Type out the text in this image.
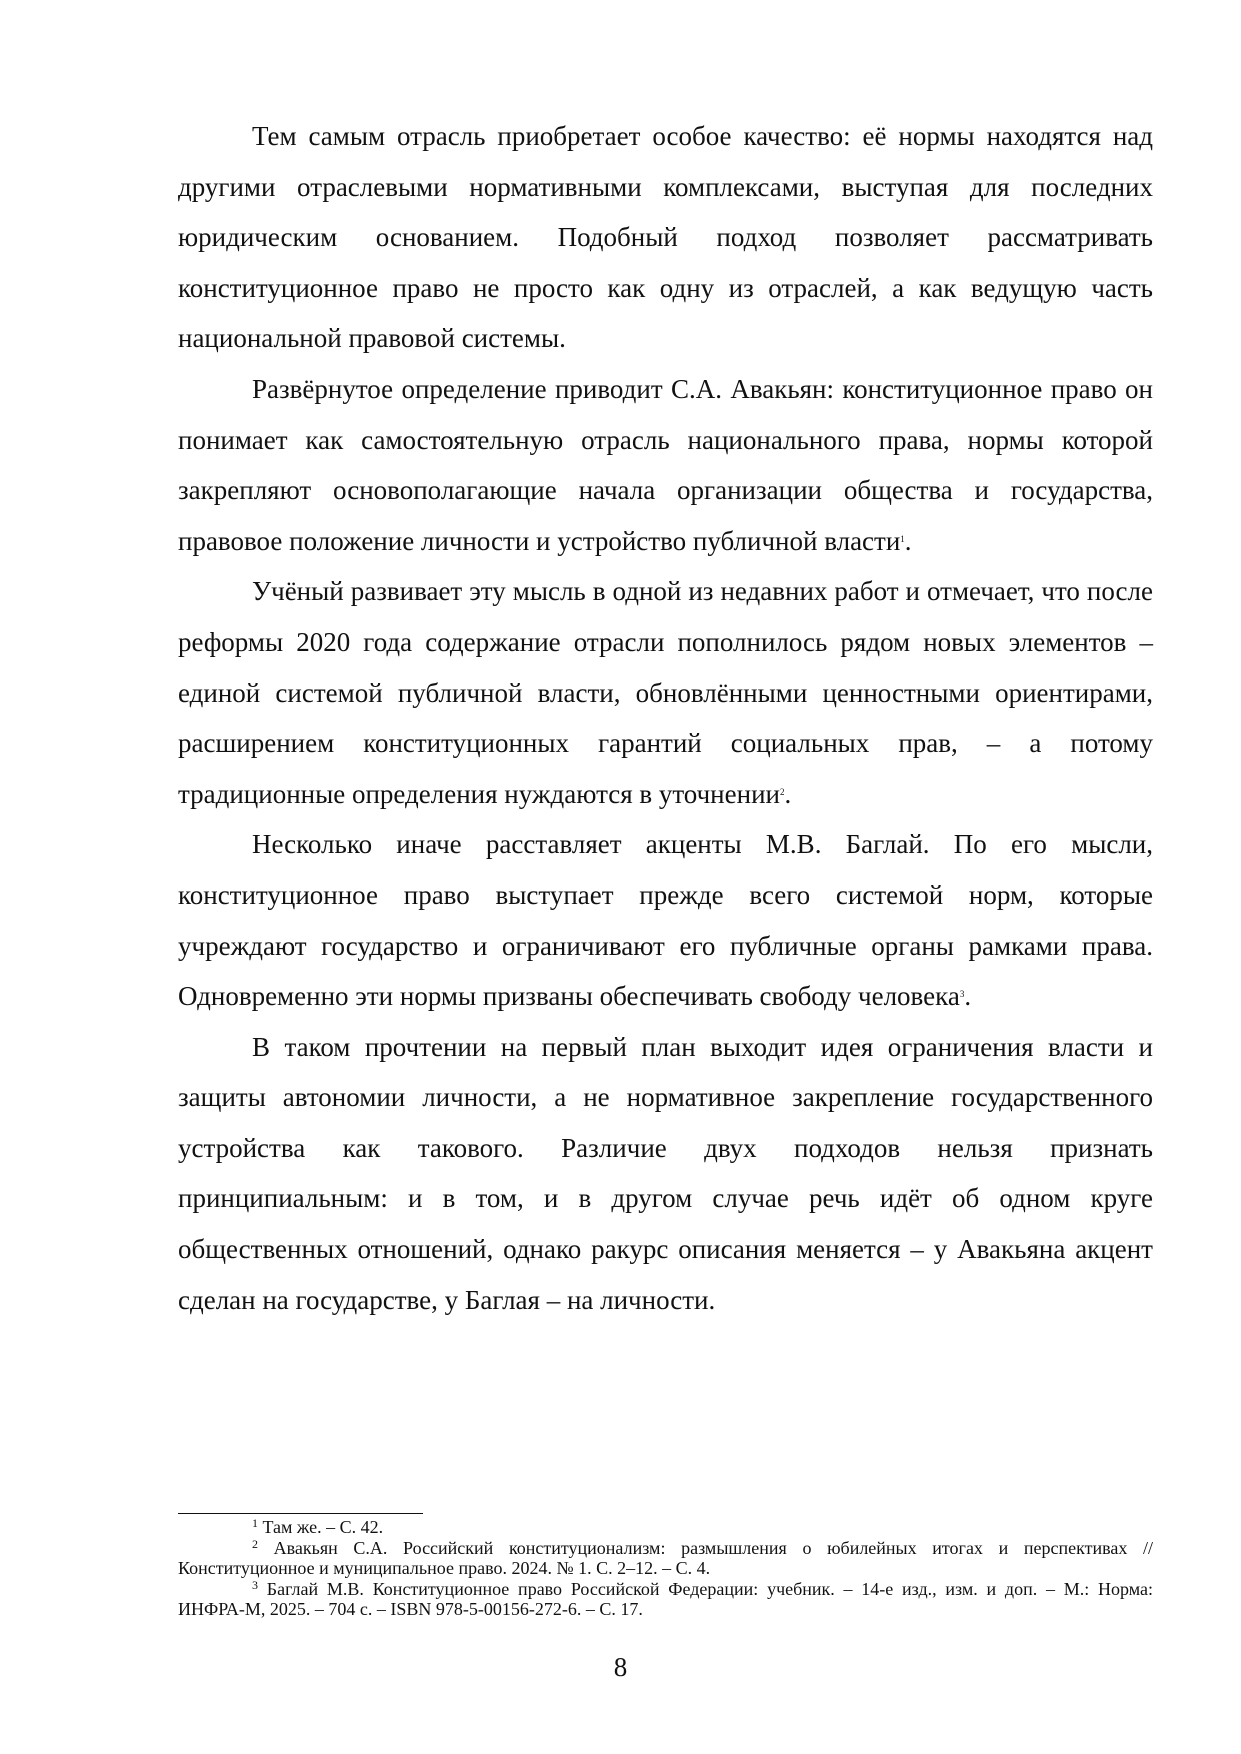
Тем самым отрасль приобретает особое качество: её нормы находятся над другими отраслевыми нормативными комплексами, выступая для последних юридическим основанием. Подобный подход позволяет рассматривать конституционное право не просто как одну из отраслей, а как ведущую часть национальной правовой системы.

Развёрнутое определение приводит С.А. Авакьян: конституционное право он понимает как самостоятельную отрасль национального права, нормы которой закрепляют основополагающие начала организации общества и государства, правовое положение личности и устройство публичной власти$^1$.

Учёный развивает эту мысль в одной из недавних работ и отмечает, что после реформы 2020 года содержание отрасли пополнилось рядом новых элементов – единой системой публичной власти, обновлёнными ценностными ориентирами, расширением конституционных гарантий социальных прав, – а потому традиционные определения нуждаются в уточнении$^2$.

Несколько иначе расставляет акценты М.В. Баглай. По его мысли, конституционное право выступает прежде всего системой норм, которые учреждают государство и ограничивают его публичные органы рамками права. Одновременно эти нормы призваны обеспечивать свободу человека$^3$.

В таком прочтении на первый план выходит идея ограничения власти и защиты автономии личности, а не нормативное закрепление государственного устройства как такового. Различие двух подходов нельзя признать принципиальным: и в том, и в другом случае речь идёт об одном круге общественных отношений, однако ракурс описания меняется – у Авакьяна акцент сделан на государстве, у Баглая – на личности.

$^1$ Там же. – С. 42.

$^2$ Авакьян С.А. Российский конституционализм: размышления о юбилейных итогах и перспективах // Конституционное и муниципальное право. 2024. № 1. С. 2–12. – С. 4.

$^3$ Баглай М.В. Конституционное право Российской Федерации: учебник. – 14-е изд., изм. и доп. – М.: Норма: ИНФРА-М, 2025. – 704 с. – ISBN 978-5-00156-272-6. – С. 17.

8
